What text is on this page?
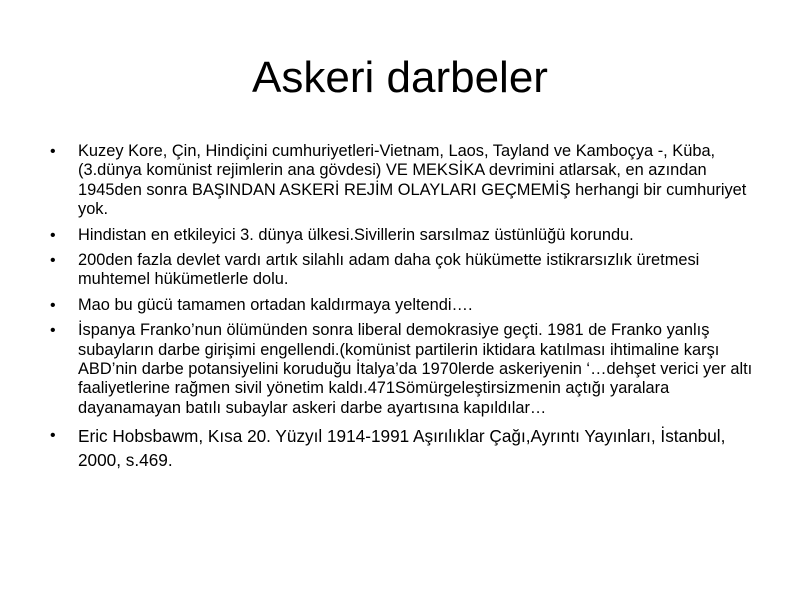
Askeri darbeler
• Kuzey Kore, Çin, Hindiçini cumhuriyetleri-Vietnam, Laos, Tayland ve Kamboçya -, Küba, (3.dünya komünist rejimlerin ana gövdesi) VE MEKSİKA devrimini atlarsak, en azından 1945den sonra BAŞINDAN ASKERİ REJİM OLAYLARI GEÇMEMİŞ herhangi bir cumhuriyet yok.
• Hindistan en etkileyici 3. dünya ülkesi.Sivillerin sarsılmaz üstünlüğü korundu.
• 200den fazla devlet vardı artık silahlı adam daha çok hükümette istikrarsızlık üretmesi muhtemel hükümetlerle dolu.
• Mao bu gücü tamamen ortadan kaldırmaya yeltendi….
• İspanya Franko’nun ölümünden sonra liberal demokrasiye geçti. 1981 de Franko yanlış subayların darbe girişimi engellendi.(komünist partilerin iktidara katılması ihtimaline karşı ABD’nin darbe potansiyelini koruduğu İtalya’da 1970lerde askeriyenin ‘…dehşet verici yer altı faaliyetlerine rağmen sivil yönetim kaldı.471Sömürgeleştirsizmenin açtığı yaralara dayanamayan batılı subaylar askeri darbe ayartısına kapıldılar…
• Eric Hobsbawm, Kısa 20. Yüzyıl 1914-1991 Aşırılıklar Çağı,Ayrıntı Yayınları, İstanbul, 2000, s.469.
